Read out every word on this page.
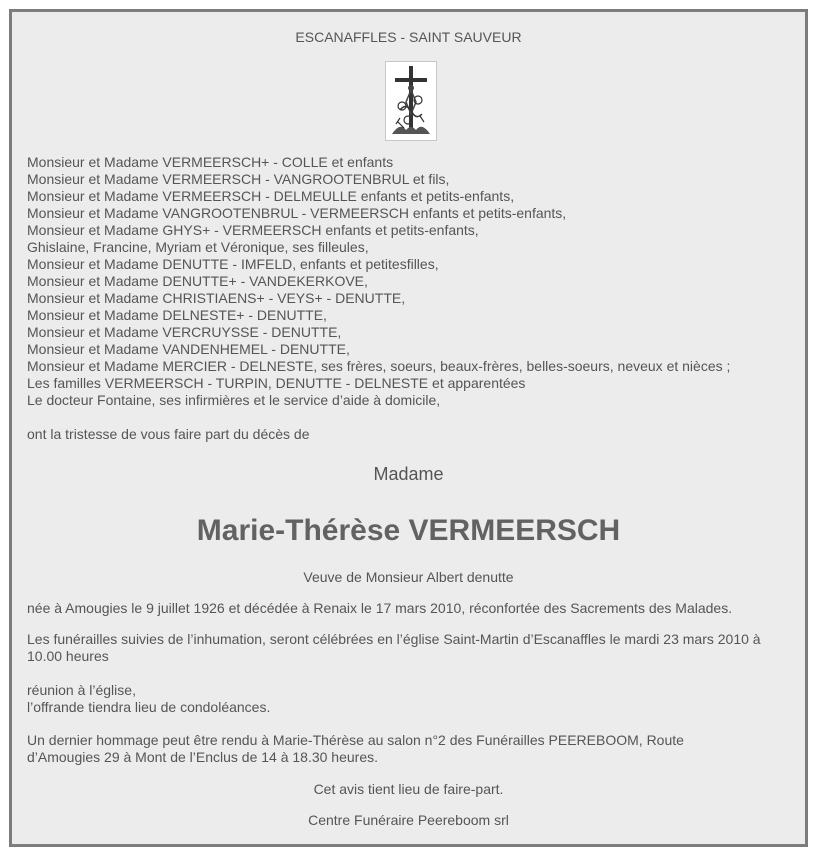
ESCANAFFLES - SAINT SAUVEUR
Monsieur et Madame VERMEERSCH+ - COLLE et enfants
Monsieur et Madame VERMEERSCH - VANGROOTENBRUL et fils,
Monsieur et Madame VERMEERSCH - DELMEULLE enfants et petits-enfants,
Monsieur et Madame VANGROOTENBRUL - VERMEERSCH enfants et petits-enfants,
Monsieur et Madame GHYS+ - VERMEERSCH enfants et petits-enfants,
Ghislaine, Francine, Myriam et Véronique, ses filleules,
Monsieur et Madame DENUTTE - IMFELD, enfants et petitesfilles,
Monsieur et Madame DENUTTE+ - VANDEKERKOVE,
Monsieur et Madame CHRISTIAENS+ - VEYS+ - DENUTTE,
Monsieur et Madame DELNESTE+ - DENUTTE,
Monsieur et Madame VERCRUYSSE - DENUTTE,
Monsieur et Madame VANDENHEMEL - DENUTTE,
Monsieur et Madame MERCIER - DELNESTE, ses frères, soeurs, beaux-frères, belles-soeurs, neveux et nièces ;
Les familles VERMEERSCH - TURPIN, DENUTTE - DELNESTE et apparentées
Le docteur Fontaine, ses infirmières et le service d’aide à domicile,
ont la tristesse de vous faire part du décès de
Madame
Marie-Thérèse VERMEERSCH
Veuve de Monsieur Albert denutte
née à Amougies le 9 juillet 1926 et décédée à Renaix le 17 mars 2010, réconfortée des Sacrements des Malades.
Les funérailles suivies de l’inhumation, seront célébrées en l’église Saint-Martin d’Escanaffles le mardi 23 mars 2010 à 10.00 heures
réunion à l’église,
l’offrande tiendra lieu de condoléances.
Un dernier hommage peut être rendu à Marie-Thérèse au salon n°2 des Funérailles PEEREBOOM, Route d’Amougies 29 à Mont de l’Enclus de 14 à 18.30 heures.
Cet avis tient lieu de faire-part.
Centre Funéraire Peereboom srl
